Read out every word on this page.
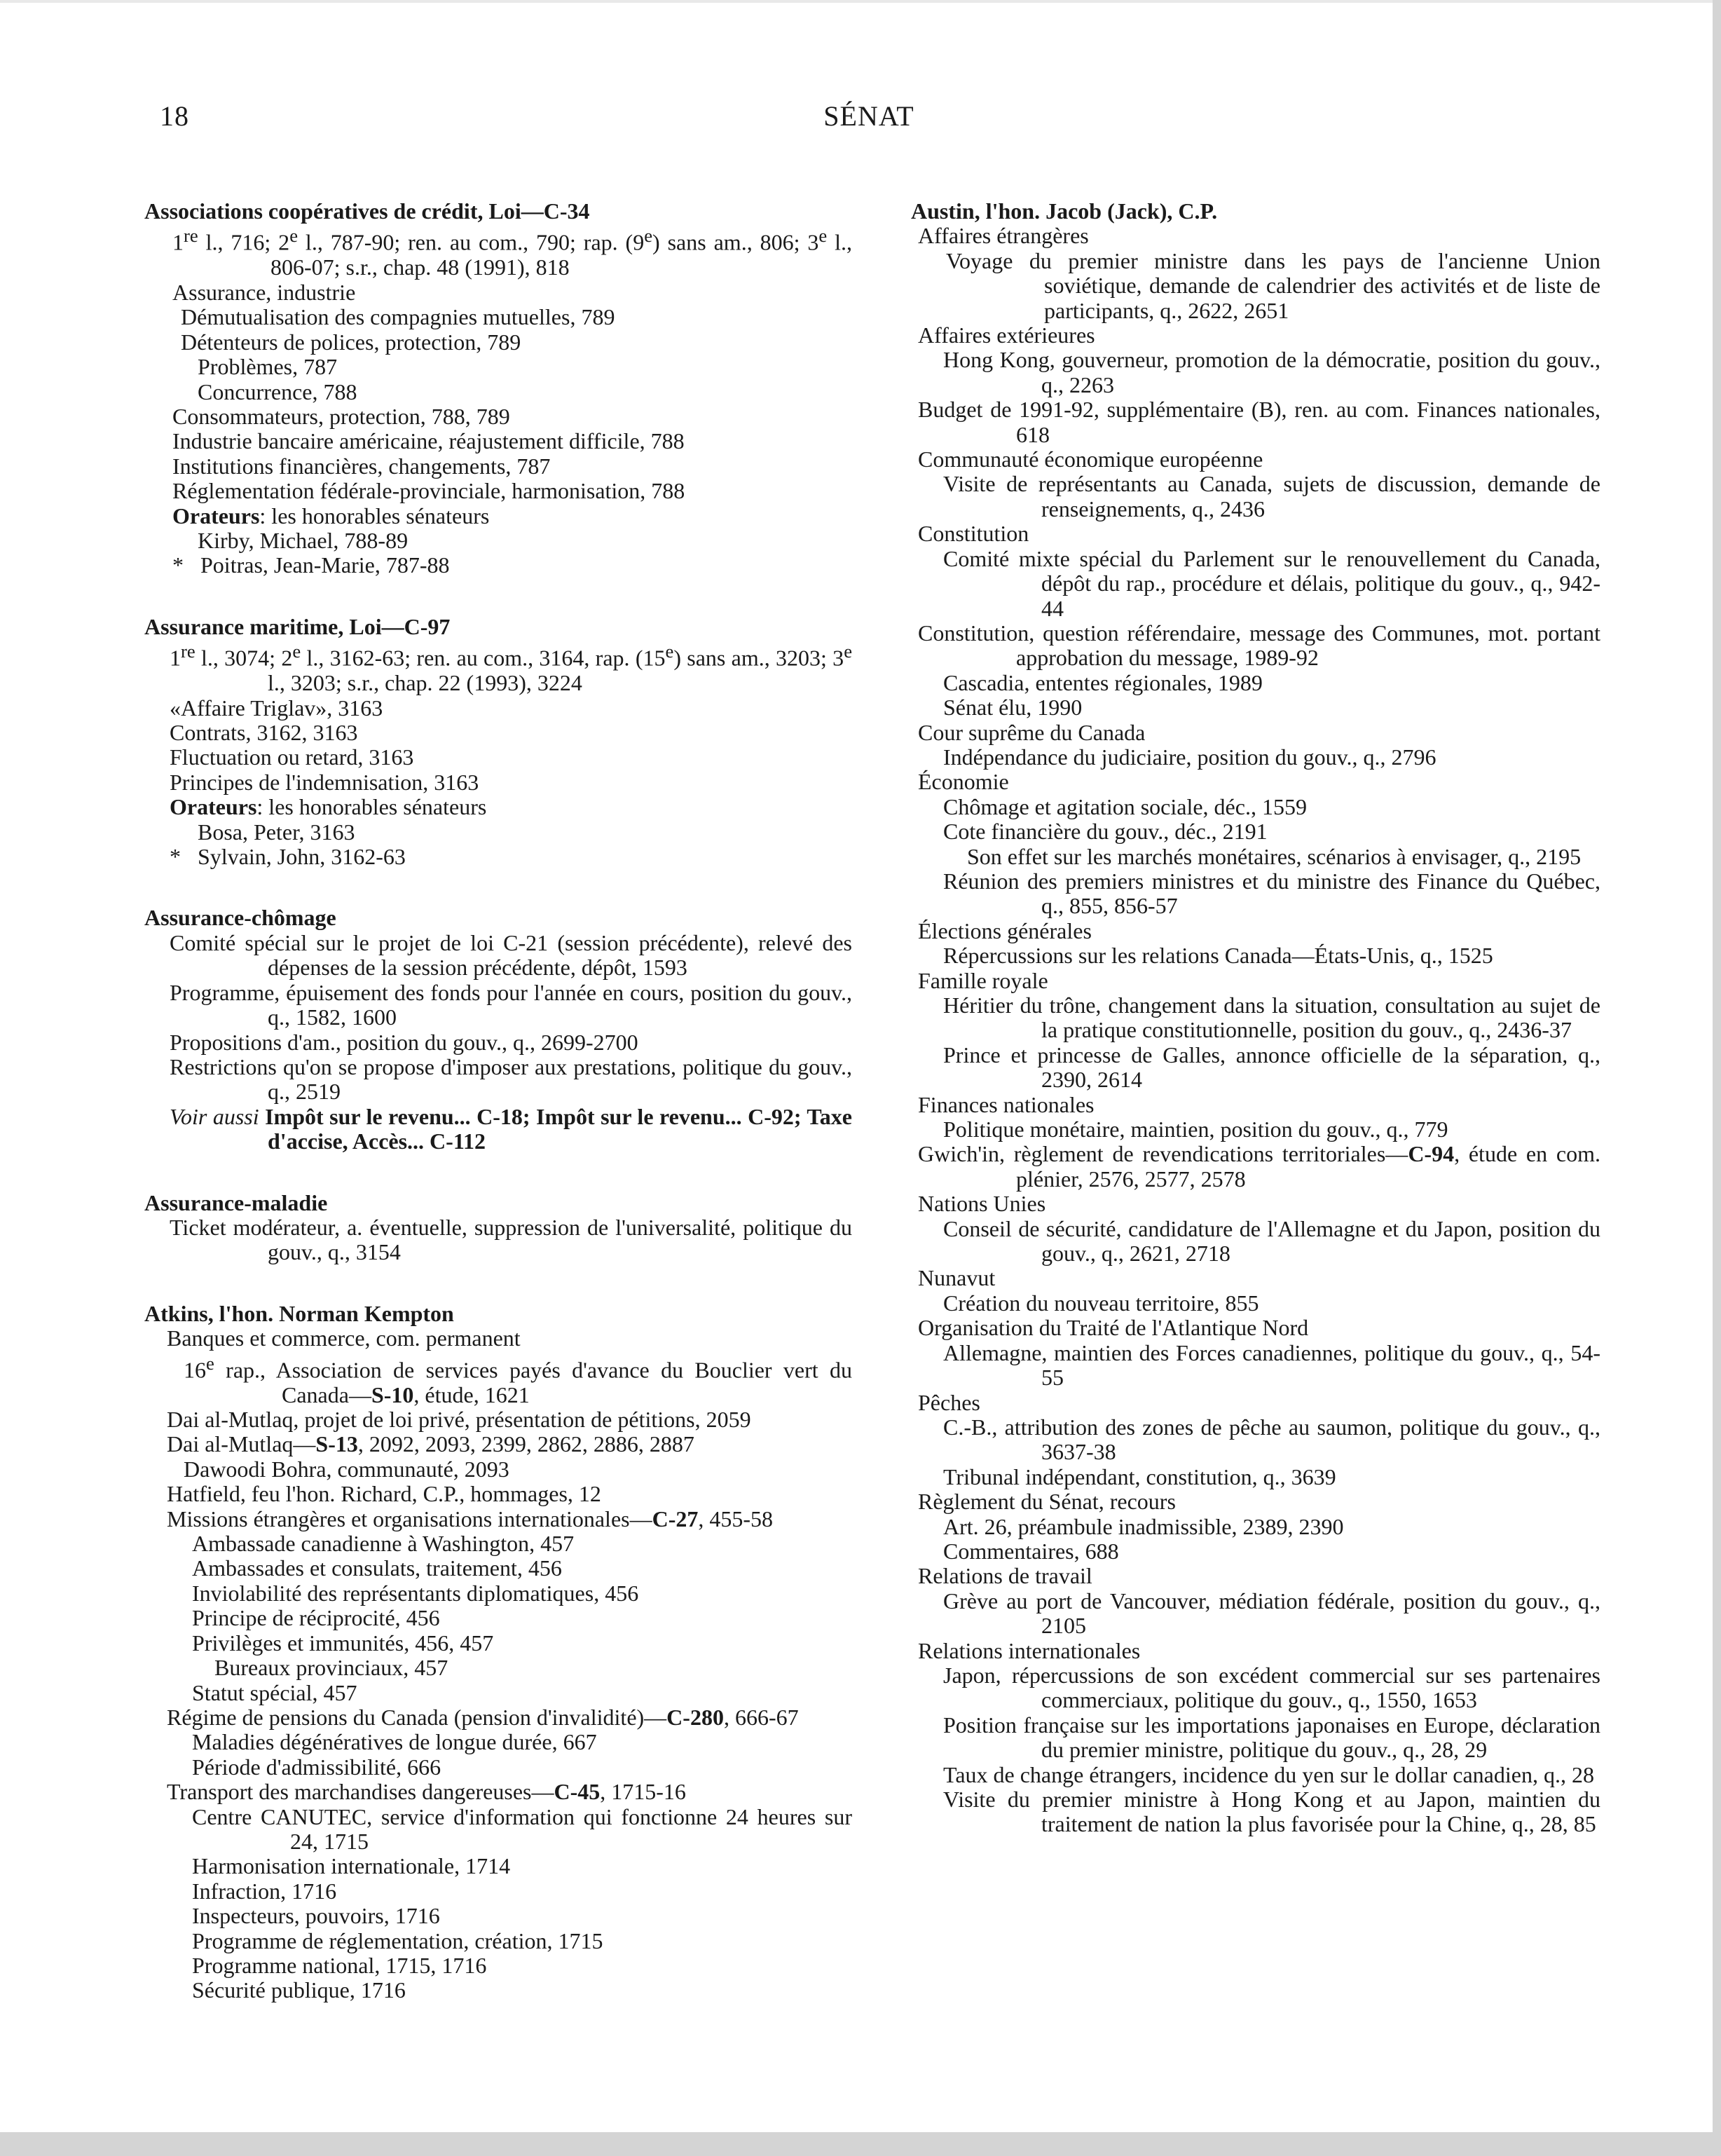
18	SÉNAT
Associations coopératives de crédit, Loi—C-34

1re l., 716; 2e l., 787-90; ren. au com., 790; rap. (9e) sans am., 806; 3e l., 806-07; s.r., chap. 48 (1991), 818

Assurance, industrie

Démutualisation des compagnies mutuelles, 789

Détenteurs de polices, protection, 789

Problèmes, 787

Concurrence, 788

Consommateurs, protection, 788, 789

Industrie bancaire américaine, réajustement difficile, 788

Institutions financières, changements, 787

Réglementation fédérale-provinciale, harmonisation, 788

Orateurs: les honorables sénateurs

Kirby, Michael, 788-89

* Poitras, Jean-Marie, 787-88

Assurance maritime, Loi—C-97

1re l., 3074; 2e l., 3162-63; ren. au com., 3164, rap. (15e) sans am., 3203; 3e l., 3203; s.r., chap. 22 (1993), 3224

«Affaire Triglav», 3163

Contrats, 3162, 3163

Fluctuation ou retard, 3163

Principes de l'indemnisation, 3163

Orateurs: les honorables sénateurs

Bosa, Peter, 3163

* Sylvain, John, 3162-63

Assurance-chômage

Comité spécial sur le projet de loi C-21 (session précédente), relevé des dépenses de la session précédente, dépôt, 1593

Programme, épuisement des fonds pour l'année en cours, position du gouv., q., 1582, 1600

Propositions d'am., position du gouv., q., 2699-2700

Restrictions qu'on se propose d'imposer aux prestations, politique du gouv., q., 2519

Voir aussi Impôt sur le revenu... C-18; Impôt sur le revenu... C-92; Taxe d'accise, Accès... C-112

Assurance-maladie

Ticket modérateur, a. éventuelle, suppression de l'universalité, politique du gouv., q., 3154

Atkins, l'hon. Norman Kempton

Banques et commerce, com. permanent

16e rap., Association de services payés d'avance du Bouclier vert du Canada—S-10, étude, 1621

Dai al-Mutlaq, projet de loi privé, présentation de pétitions, 2059

Dai al-Mutlaq—S-13, 2092, 2093, 2399, 2862, 2886, 2887

Dawoodi Bohra, communauté, 2093

Hatfield, feu l'hon. Richard, C.P., hommages, 12

Missions étrangères et organisations internationales—C-27, 455-58

Ambassade canadienne à Washington, 457

Ambassades et consulats, traitement, 456

Inviolabilité des représentants diplomatiques, 456

Principe de réciprocité, 456

Privilèges et immunités, 456, 457

Bureaux provinciaux, 457

Statut spécial, 457

Régime de pensions du Canada (pension d'invalidité)—C-280, 666-67

Maladies dégénératives de longue durée, 667

Période d'admissibilité, 666

Transport des marchandises dangereuses—C-45, 1715-16

Centre CANUTEC, service d'information qui fonctionne 24 heures sur 24, 1715

Harmonisation internationale, 1714

Infraction, 1716

Inspecteurs, pouvoirs, 1716

Programme de réglementation, création, 1715

Programme national, 1715, 1716

Sécurité publique, 1716

Austin, l'hon. Jacob (Jack), C.P.

Affaires étrangères

Voyage du premier ministre dans les pays de l'ancienne Union soviétique, demande de calendrier des activités et de liste de participants, q., 2622, 2651

Affaires extérieures

Hong Kong, gouverneur, promotion de la démocratie, position du gouv., q., 2263

Budget de 1991-92, supplémentaire (B), ren. au com. Finances nationales, 618

Communauté économique européenne

Visite de représentants au Canada, sujets de discussion, demande de renseignements, q., 2436

Constitution

Comité mixte spécial du Parlement sur le renouvellement du Canada, dépôt du rap., procédure et délais, politique du gouv., q., 942-44

Constitution, question référendaire, message des Communes, mot. portant approbation du message, 1989-92

Cascadia, ententes régionales, 1989

Sénat élu, 1990

Cour suprême du Canada

Indépendance du judiciaire, position du gouv., q., 2796

Économie

Chômage et agitation sociale, déc., 1559

Cote financière du gouv., déc., 2191

Son effet sur les marchés monétaires, scénarios à envisager, q., 2195

Réunion des premiers ministres et du ministre des Finance du Québec, q., 855, 856-57

Élections générales

Répercussions sur les relations Canada—États-Unis, q., 1525

Famille royale

Héritier du trône, changement dans la situation, consultation au sujet de la pratique constitutionnelle, position du gouv., q., 2436-37

Prince et princesse de Galles, annonce officielle de la séparation, q., 2390, 2614

Finances nationales

Politique monétaire, maintien, position du gouv., q., 779

Gwich'in, règlement de revendications territoriales—C-94, étude en com. plénier, 2576, 2577, 2578

Nations Unies

Conseil de sécurité, candidature de l'Allemagne et du Japon, position du gouv., q., 2621, 2718

Nunavut

Création du nouveau territoire, 855

Organisation du Traité de l'Atlantique Nord

Allemagne, maintien des Forces canadiennes, politique du gouv., q., 54-55

Pêches

C.-B., attribution des zones de pêche au saumon, politique du gouv., q., 3637-38

Tribunal indépendant, constitution, q., 3639

Règlement du Sénat, recours

Art. 26, préambule inadmissible, 2389, 2390

Commentaires, 688

Relations de travail

Grève au port de Vancouver, médiation fédérale, position du gouv., q., 2105

Relations internationales

Japon, répercussions de son excédent commercial sur ses partenaires commerciaux, politique du gouv., q., 1550, 1653

Position française sur les importations japonaises en Europe, déclaration du premier ministre, politique du gouv., q., 28, 29

Taux de change étrangers, incidence du yen sur le dollar canadien, q., 28

Visite du premier ministre à Hong Kong et au Japon, maintien du traitement de nation la plus favorisée pour la Chine, q., 28, 85
